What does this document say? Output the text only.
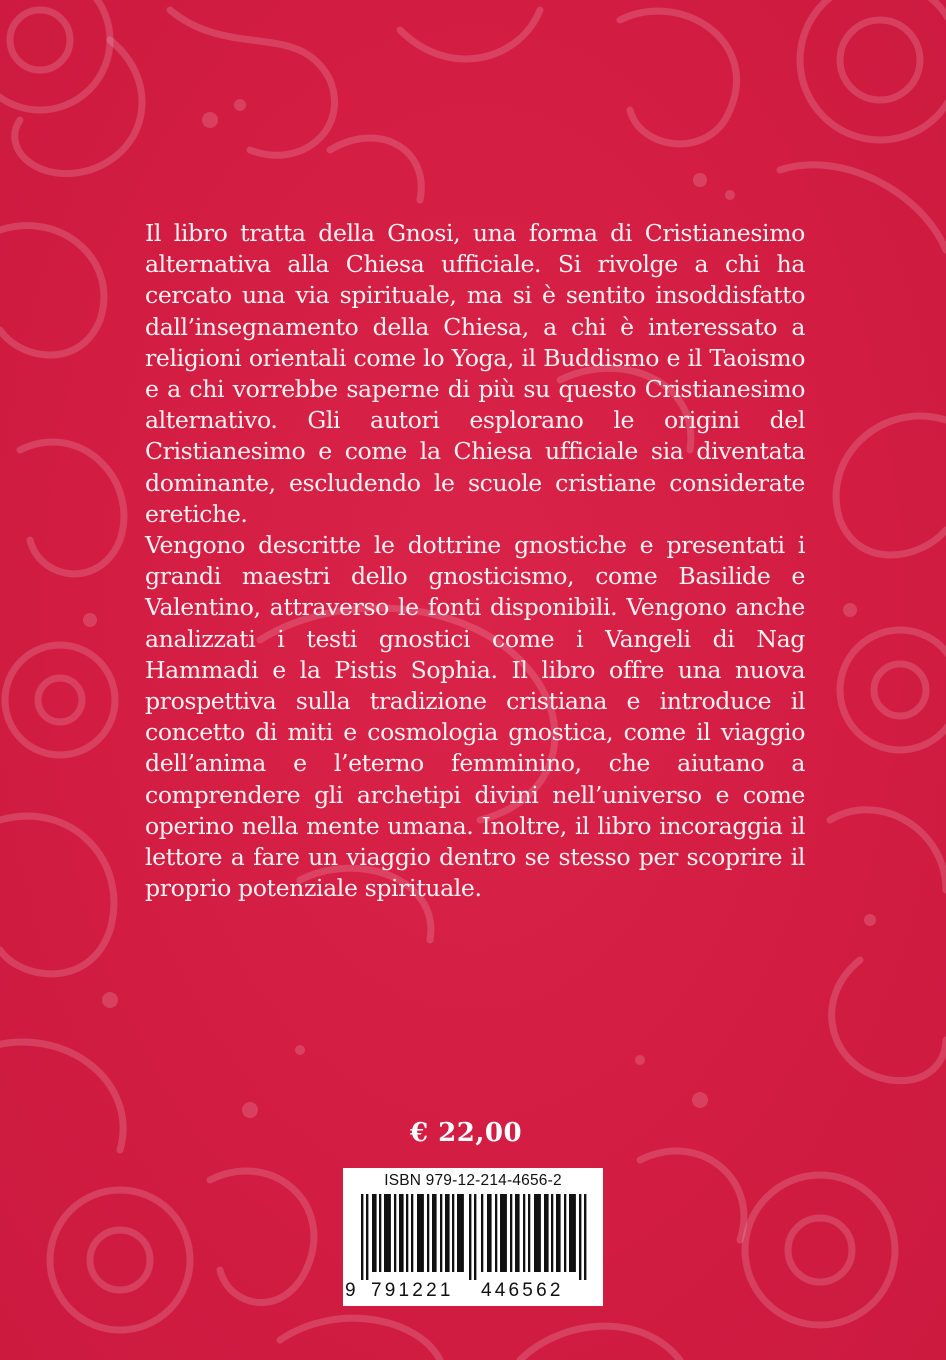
Il libro tratta della Gnosi, una forma di Cristianesimo alternativa alla Chiesa ufficiale. Si rivolge a chi ha cercato una via spirituale, ma si è sentito insoddisfatto dall’insegnamento della Chiesa, a chi è interessato a religioni orientali come lo Yoga, il Buddismo e il Taoismo e a chi vorrebbe saperne di più su questo Cristianesimo alternativo. Gli autori esplorano le origini del Cristianesimo e come la Chiesa ufficiale sia diventata dominante, escludendo le scuole cristiane considerate eretiche.

Vengono descritte le dottrine gnostiche e presentati i grandi maestri dello gnosticismo, come Basilide e Valentino, attraverso le fonti disponibili. Vengono anche analizzati i testi gnostici come i Vangeli di Nag Hammadi e la Pistis Sophia. Il libro offre una nuova prospettiva sulla tradizione cristiana e introduce il concetto di miti e cosmologia gnostica, come il viaggio dell’anima e l’eterno femminino, che aiutano a comprendere gli archetipi divini nell’universo e come operino nella mente umana. Inoltre, il libro incoraggia il lettore a fare un viaggio dentro se stesso per scoprire il proprio potenziale spirituale.

€ 22,00
ISBN 979-12-214-4656-2
9 791221 446562
